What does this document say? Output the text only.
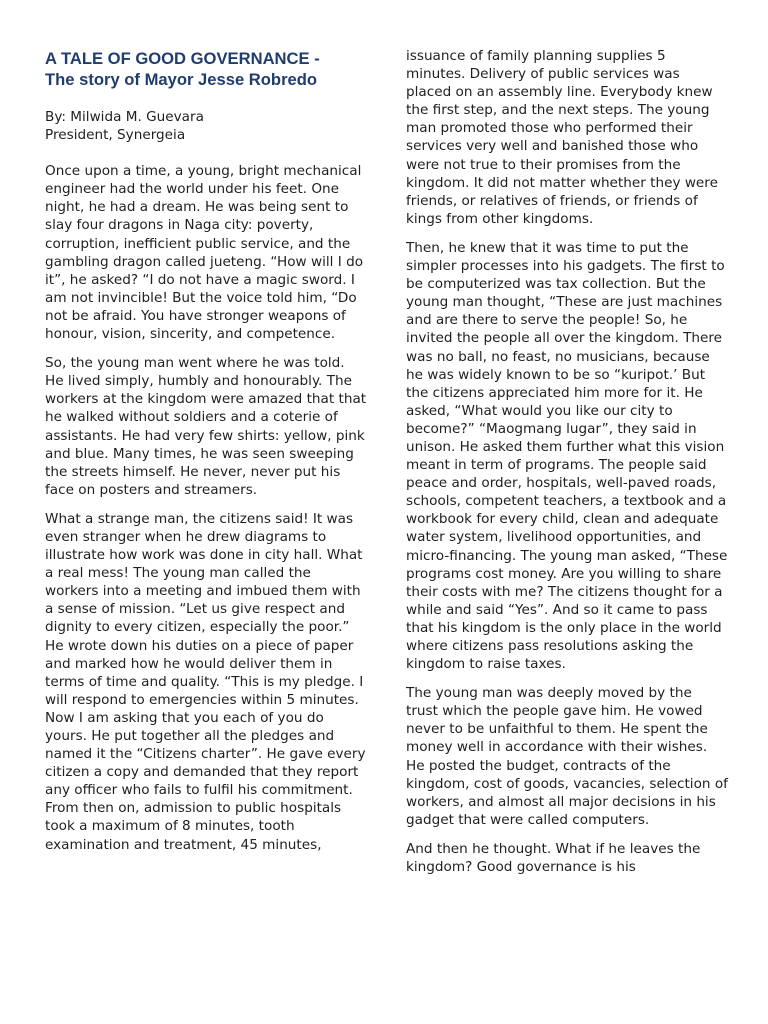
A TALE OF GOOD GOVERNANCE -
The story of Mayor Jesse Robredo
By: Milwida M. Guevara
President, Synergeia

Once upon a time, a young, bright mechanical engineer had the world under his feet. One night, he had a dream. He was being sent to slay four dragons in Naga city: poverty, corruption, inefficient public service, and the gambling dragon called jueteng. “How will I do it”, he asked? “I do not have a magic sword. I am not invincible! But the voice told him, “Do not be afraid. You have stronger weapons of honour, vision, sincerity, and competence.

So, the young man went where he was told. He lived simply, humbly and honourably. The workers at the kingdom were amazed that that he walked without soldiers and a coterie of assistants. He had very few shirts: yellow, pink and blue. Many times, he was seen sweeping the streets himself. He never, never put his face on posters and streamers.

What a strange man, the citizens said! It was even stranger when he drew diagrams to illustrate how work was done in city hall. What a real mess! The young man called the workers into a meeting and imbued them with a sense of mission. “Let us give respect and dignity to every citizen, especially the poor.” He wrote down his duties on a piece of paper and marked how he would deliver them in terms of time and quality. “This is my pledge. I will respond to emergencies within 5 minutes. Now I am asking that you each of you do yours. He put together all the pledges and named it the “Citizens charter”. He gave every citizen a copy and demanded that they report any officer who fails to fulfil his commitment. From then on, admission to public hospitals took a maximum of 8 minutes, tooth examination and treatment, 45 minutes,

issuance of family planning supplies 5 minutes. Delivery of public services was placed on an assembly line. Everybody knew the first step, and the next steps. The young man promoted those who performed their services very well and banished those who were not true to their promises from the kingdom. It did not matter whether they were friends, or relatives of friends, or friends of kings from other kingdoms.

Then, he knew that it was time to put the simpler processes into his gadgets. The first to be computerized was tax collection. But the young man thought, “These are just machines and are there to serve the people! So, he invited the people all over the kingdom. There was no ball, no feast, no musicians, because he was widely known to be so “kuripot.’ But the citizens appreciated him more for it. He asked, “What would you like our city to become?” “Maogmang lugar”, they said in unison. He asked them further what this vision meant in term of programs. The people said peace and order, hospitals, well-paved roads, schools, competent teachers, a textbook and a workbook for every child, clean and adequate water system, livelihood opportunities, and micro-financing. The young man asked, “These programs cost money. Are you willing to share their costs with me? The citizens thought for a while and said “Yes”. And so it came to pass that his kingdom is the only place in the world where citizens pass resolutions asking the kingdom to raise taxes.

The young man was deeply moved by the trust which the people gave him. He vowed never to be unfaithful to them. He spent the money well in accordance with their wishes. He posted the budget, contracts of the kingdom, cost of goods, vacancies, selection of workers, and almost all major decisions in his gadget that were called computers.

And then he thought. What if he leaves the kingdom? Good governance is his
